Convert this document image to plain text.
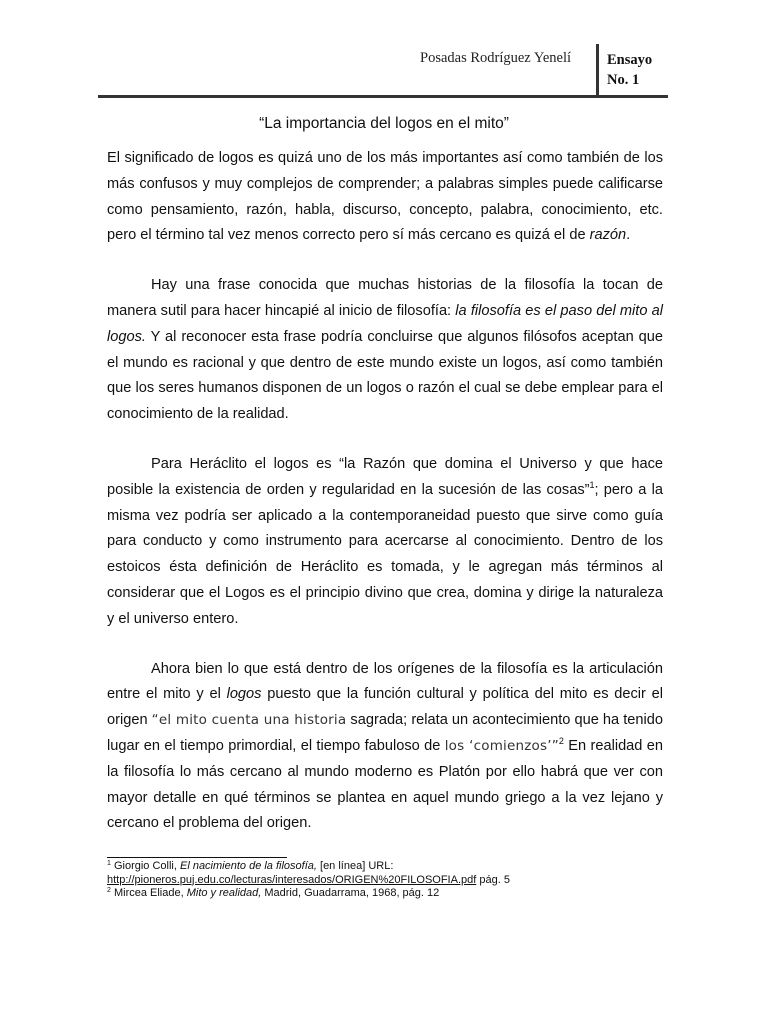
Posadas Rodríguez Yenelí Ensayo
No. 1
“La importancia del logos en el mito”

El significado de logos es quizá uno de los más importantes así como también de los más confusos y muy complejos de comprender; a palabras simples puede calificarse como pensamiento, razón, habla, discurso, concepto, palabra, conocimiento, etc. pero el término tal vez menos correcto pero sí más cercano es quizá el de razón.

Hay una frase conocida que muchas historias de la filosofía la tocan de manera sutil para hacer hincapié al inicio de filosofía: la filosofía es el paso del mito al logos. Y al reconocer esta frase podría concluirse que algunos filósofos aceptan que el mundo es racional y que dentro de este mundo existe un logos, así como también que los seres humanos disponen de un logos o razón el cual se debe emplear para el conocimiento de la realidad.

Para Heráclito el logos es “la Razón que domina el Universo y que hace posible la existencia de orden y regularidad en la sucesión de las cosas”$^1$; pero a la misma vez podría ser aplicado a la contemporaneidad puesto que sirve como guía para conducto y como instrumento para acercarse al conocimiento. Dentro de los estoicos ésta definición de Heráclito es tomada, y le agregan más términos al considerar que el Logos es el principio divino que crea, domina y dirige la naturaleza y el universo entero.

Ahora bien lo que está dentro de los orígenes de la filosofía es la articulación entre el mito y el logos puesto que la función cultural y política del mito es decir el origen “el mito cuenta una historia sagrada; relata un acontecimiento que ha tenido lugar en el tiempo primordial, el tiempo fabuloso de los ‘comienzos’”$^2$ En realidad en la filosofía lo más cercano al mundo moderno es Platón por ello habrá que ver con mayor detalle en qué términos se plantea en aquel mundo griego a la vez lejano y cercano el problema del origen.

$^1$ Giorgio Colli, El nacimiento de la filosofía, [en línea] URL:
http://pioneros.puj.edu.co/lecturas/interesados/ORIGEN%20FILOSOFIA.pdf pág. 5
$^2$ Mircea Eliade, Mito y realidad, Madrid, Guadarrama, 1968, pág. 12
